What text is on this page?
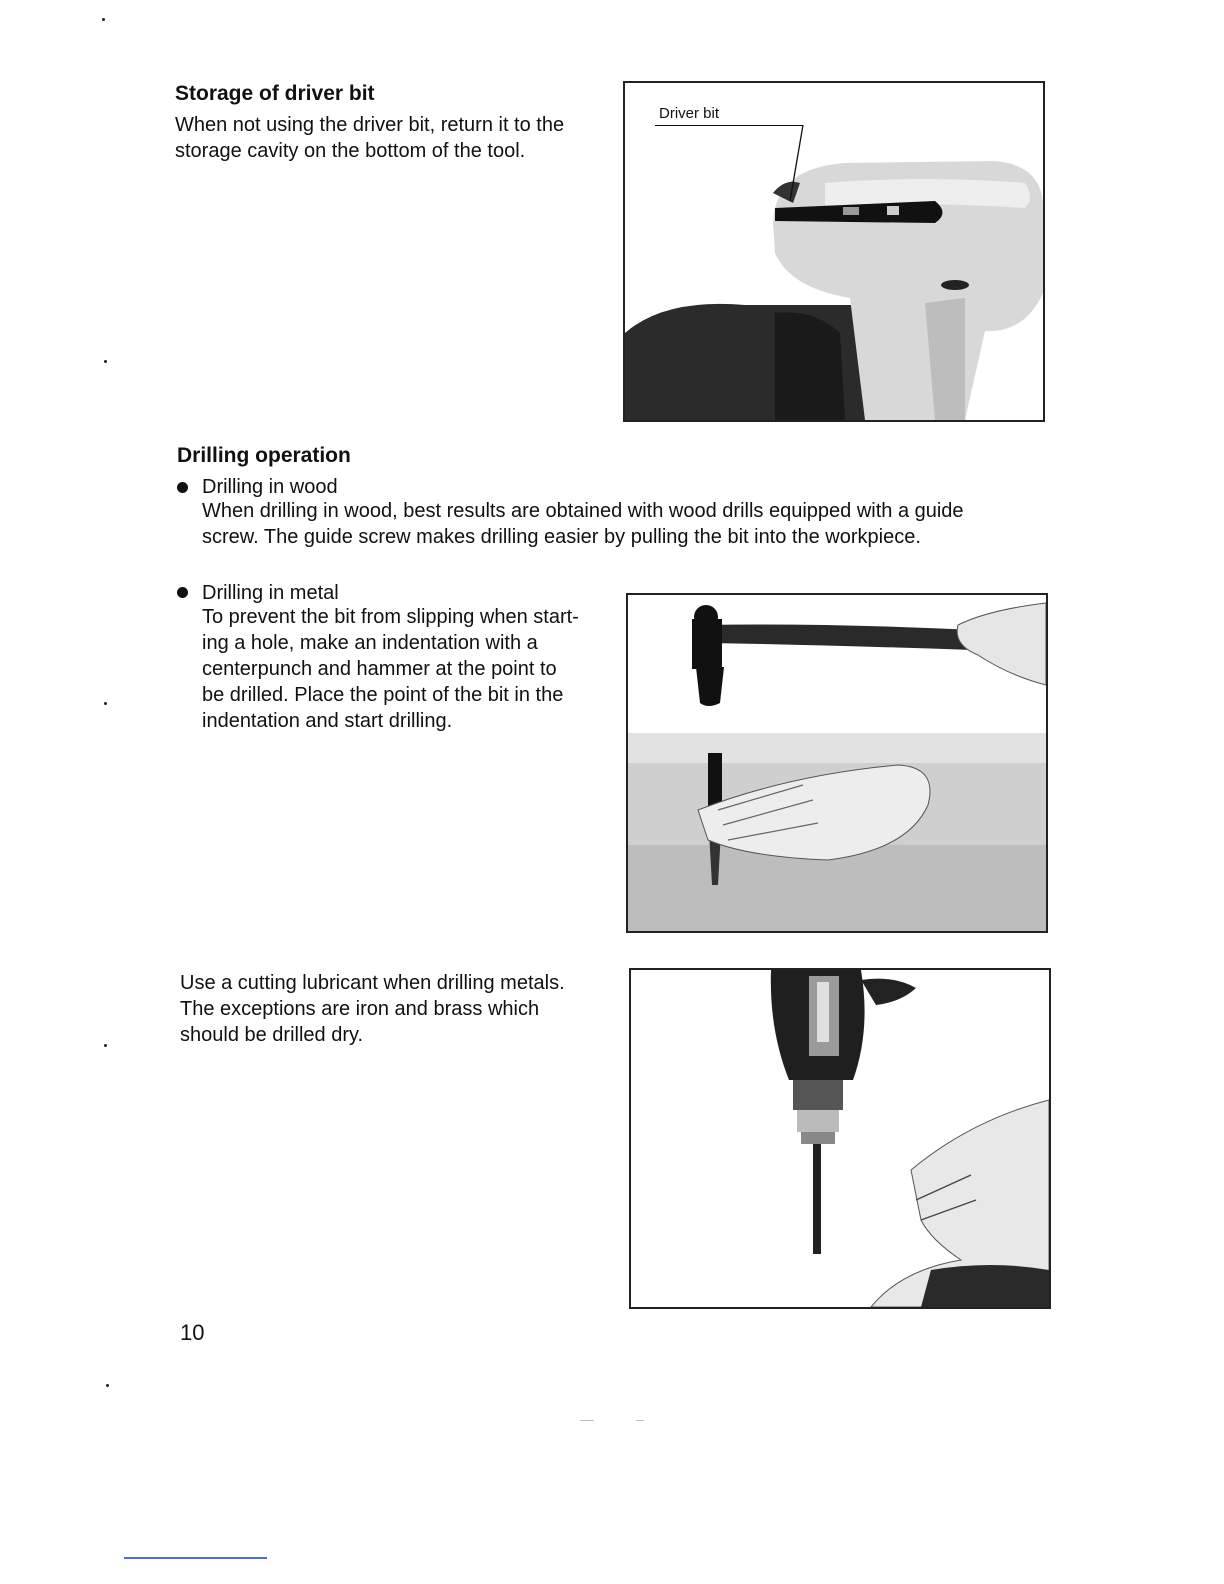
Storage of driver bit
When not using the driver bit, return it to the
storage cavity on the bottom of the tool.
Driver bit
Drilling operation
Drilling in wood
When drilling in wood, best results are obtained with wood drills equipped with a guide
screw. The guide screw makes drilling easier by pulling the bit into the workpiece.
Drilling in metal
To prevent the bit from slipping when start-
ing a hole, make an indentation with a
centerpunch and hammer at the point to
be drilled. Place the point of the bit in the
indentation and start drilling.
Use a cutting lubricant when drilling metals.
The exceptions are iron and brass which
should be drilled dry.
10
